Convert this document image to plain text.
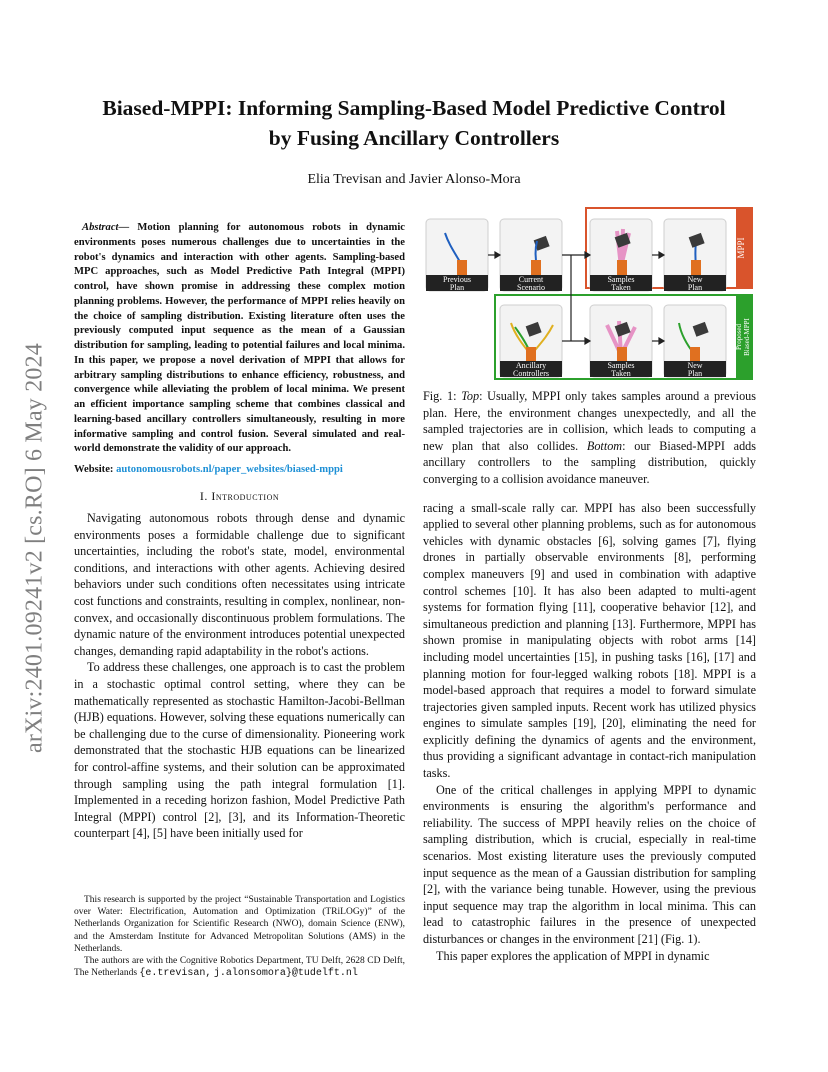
arXiv:2401.09241v2 [cs.RO] 6 May 2024
Biased-MPPI: Informing Sampling-Based Model Predictive Control
by Fusing Ancillary Controllers
Elia Trevisan and Javier Alonso-Mora

Abstract— Motion planning for autonomous robots in dynamic environments poses numerous challenges due to uncertainties in the robot's dynamics and interaction with other agents. Sampling-based MPC approaches, such as Model Predictive Path Integral (MPPI) control, have shown promise in addressing these complex motion planning problems. However, the performance of MPPI relies heavily on the choice of sampling distribution. Existing literature often uses the previously computed input sequence as the mean of a Gaussian distribution for sampling, leading to potential failures and local minima. In this paper, we propose a novel derivation of MPPI that allows for arbitrary sampling distributions to enhance efficiency, robustness, and convergence while alleviating the problem of local minima. We present an efficient importance sampling scheme that combines classical and learning-based ancillary controllers simultaneously, resulting in more informative sampling and control fusion. Several simulated and real-world demonstrate the validity of our approach.

Website: autonomousrobots.nl/paper_websites/biased-mppi
I. Introduction

Navigating autonomous robots through dense and dynamic environments poses a formidable challenge due to significant uncertainties, including the robot's state, model, environmental conditions, and interactions with other agents. Achieving desired behaviors under such conditions often necessitates using intricate cost functions and constraints, resulting in complex, nonlinear, non-convex, and occasionally discontinuous problem formulations. The dynamic nature of the environment introduces potential unexpected changes, demanding rapid adaptability in the robot's actions.

To address these challenges, one approach is to cast the problem in a stochastic optimal control setting, where they can be mathematically represented as stochastic Hamilton-Jacobi-Bellman (HJB) equations. However, solving these equations numerically can be challenging due to the curse of dimensionality. Pioneering work demonstrated that the stochastic HJB equations can be linearized for control-affine systems, and their solution can be approximated through sampling using the path integral formulation [1]. Implemented in a receding horizon fashion, Model Predictive Path Integral (MPPI) control [2], [3], and its Information-Theoretic counterpart [4], [5] have been initially used for

This research is supported by the project “Sustainable Transportation and Logistics over Water: Electrification, Automation and Optimization (TRiLOGy)” of the Netherlands Organization for Scientific Research (NWO), domain Science (ENW), and the Amsterdam Institute for Advanced Metropolitan Solutions (AMS) in the Netherlands.

The authors are with the Cognitive Robotics Department, TU Delft, 2628 CD Delft, The Netherlands {e.trevisan, j.alonsomora}@tudelft.nl

MPPI
Proposed Biased-MPPI
Previous
Plan
Current
Scenario
Samples
Taken
New
Plan
Ancillary
Controllers
Samples
Taken
New
Plan
Fig. 1: Top: Usually, MPPI only takes samples around a previous plan. Here, the environment changes unexpectedly, and all the sampled trajectories are in collision, which leads to computing a new plan that also collides. Bottom: our Biased-MPPI adds ancillary controllers to the sampling distribution, quickly converging to a collision avoidance maneuver.

racing a small-scale rally car. MPPI has also been successfully applied to several other planning problems, such as for autonomous vehicles with dynamic obstacles [6], solving games [7], flying drones in partially observable environments [8], performing complex maneuvers [9] and used in combination with adaptive control schemes [10]. It has also been adapted to multi-agent systems for formation flying [11], cooperative behavior [12], and simultaneous prediction and planning [13]. Furthermore, MPPI has shown promise in manipulating objects with robot arms [14] including model uncertainties [15], in pushing tasks [16], [17] and planning motion for four-legged walking robots [18]. MPPI is a model-based approach that requires a model to forward simulate trajectories given sampled inputs. Recent work has utilized physics engines to simulate samples [19], [20], eliminating the need for explicitly defining the dynamics of agents and the environment, thus providing a significant advantage in contact-rich manipulation tasks.

One of the critical challenges in applying MPPI to dynamic environments is ensuring the algorithm's performance and reliability. The success of MPPI heavily relies on the choice of sampling distribution, which is crucial, especially in real-time scenarios. Most existing literature uses the previously computed input sequence as the mean of a Gaussian distribution for sampling [2], with the variance being tunable. However, using the previous input sequence may trap the algorithm in local minima. This can lead to catastrophic failures in the presence of unexpected disturbances or changes in the environment [21] (Fig. 1).

This paper explores the application of MPPI in dynamic
